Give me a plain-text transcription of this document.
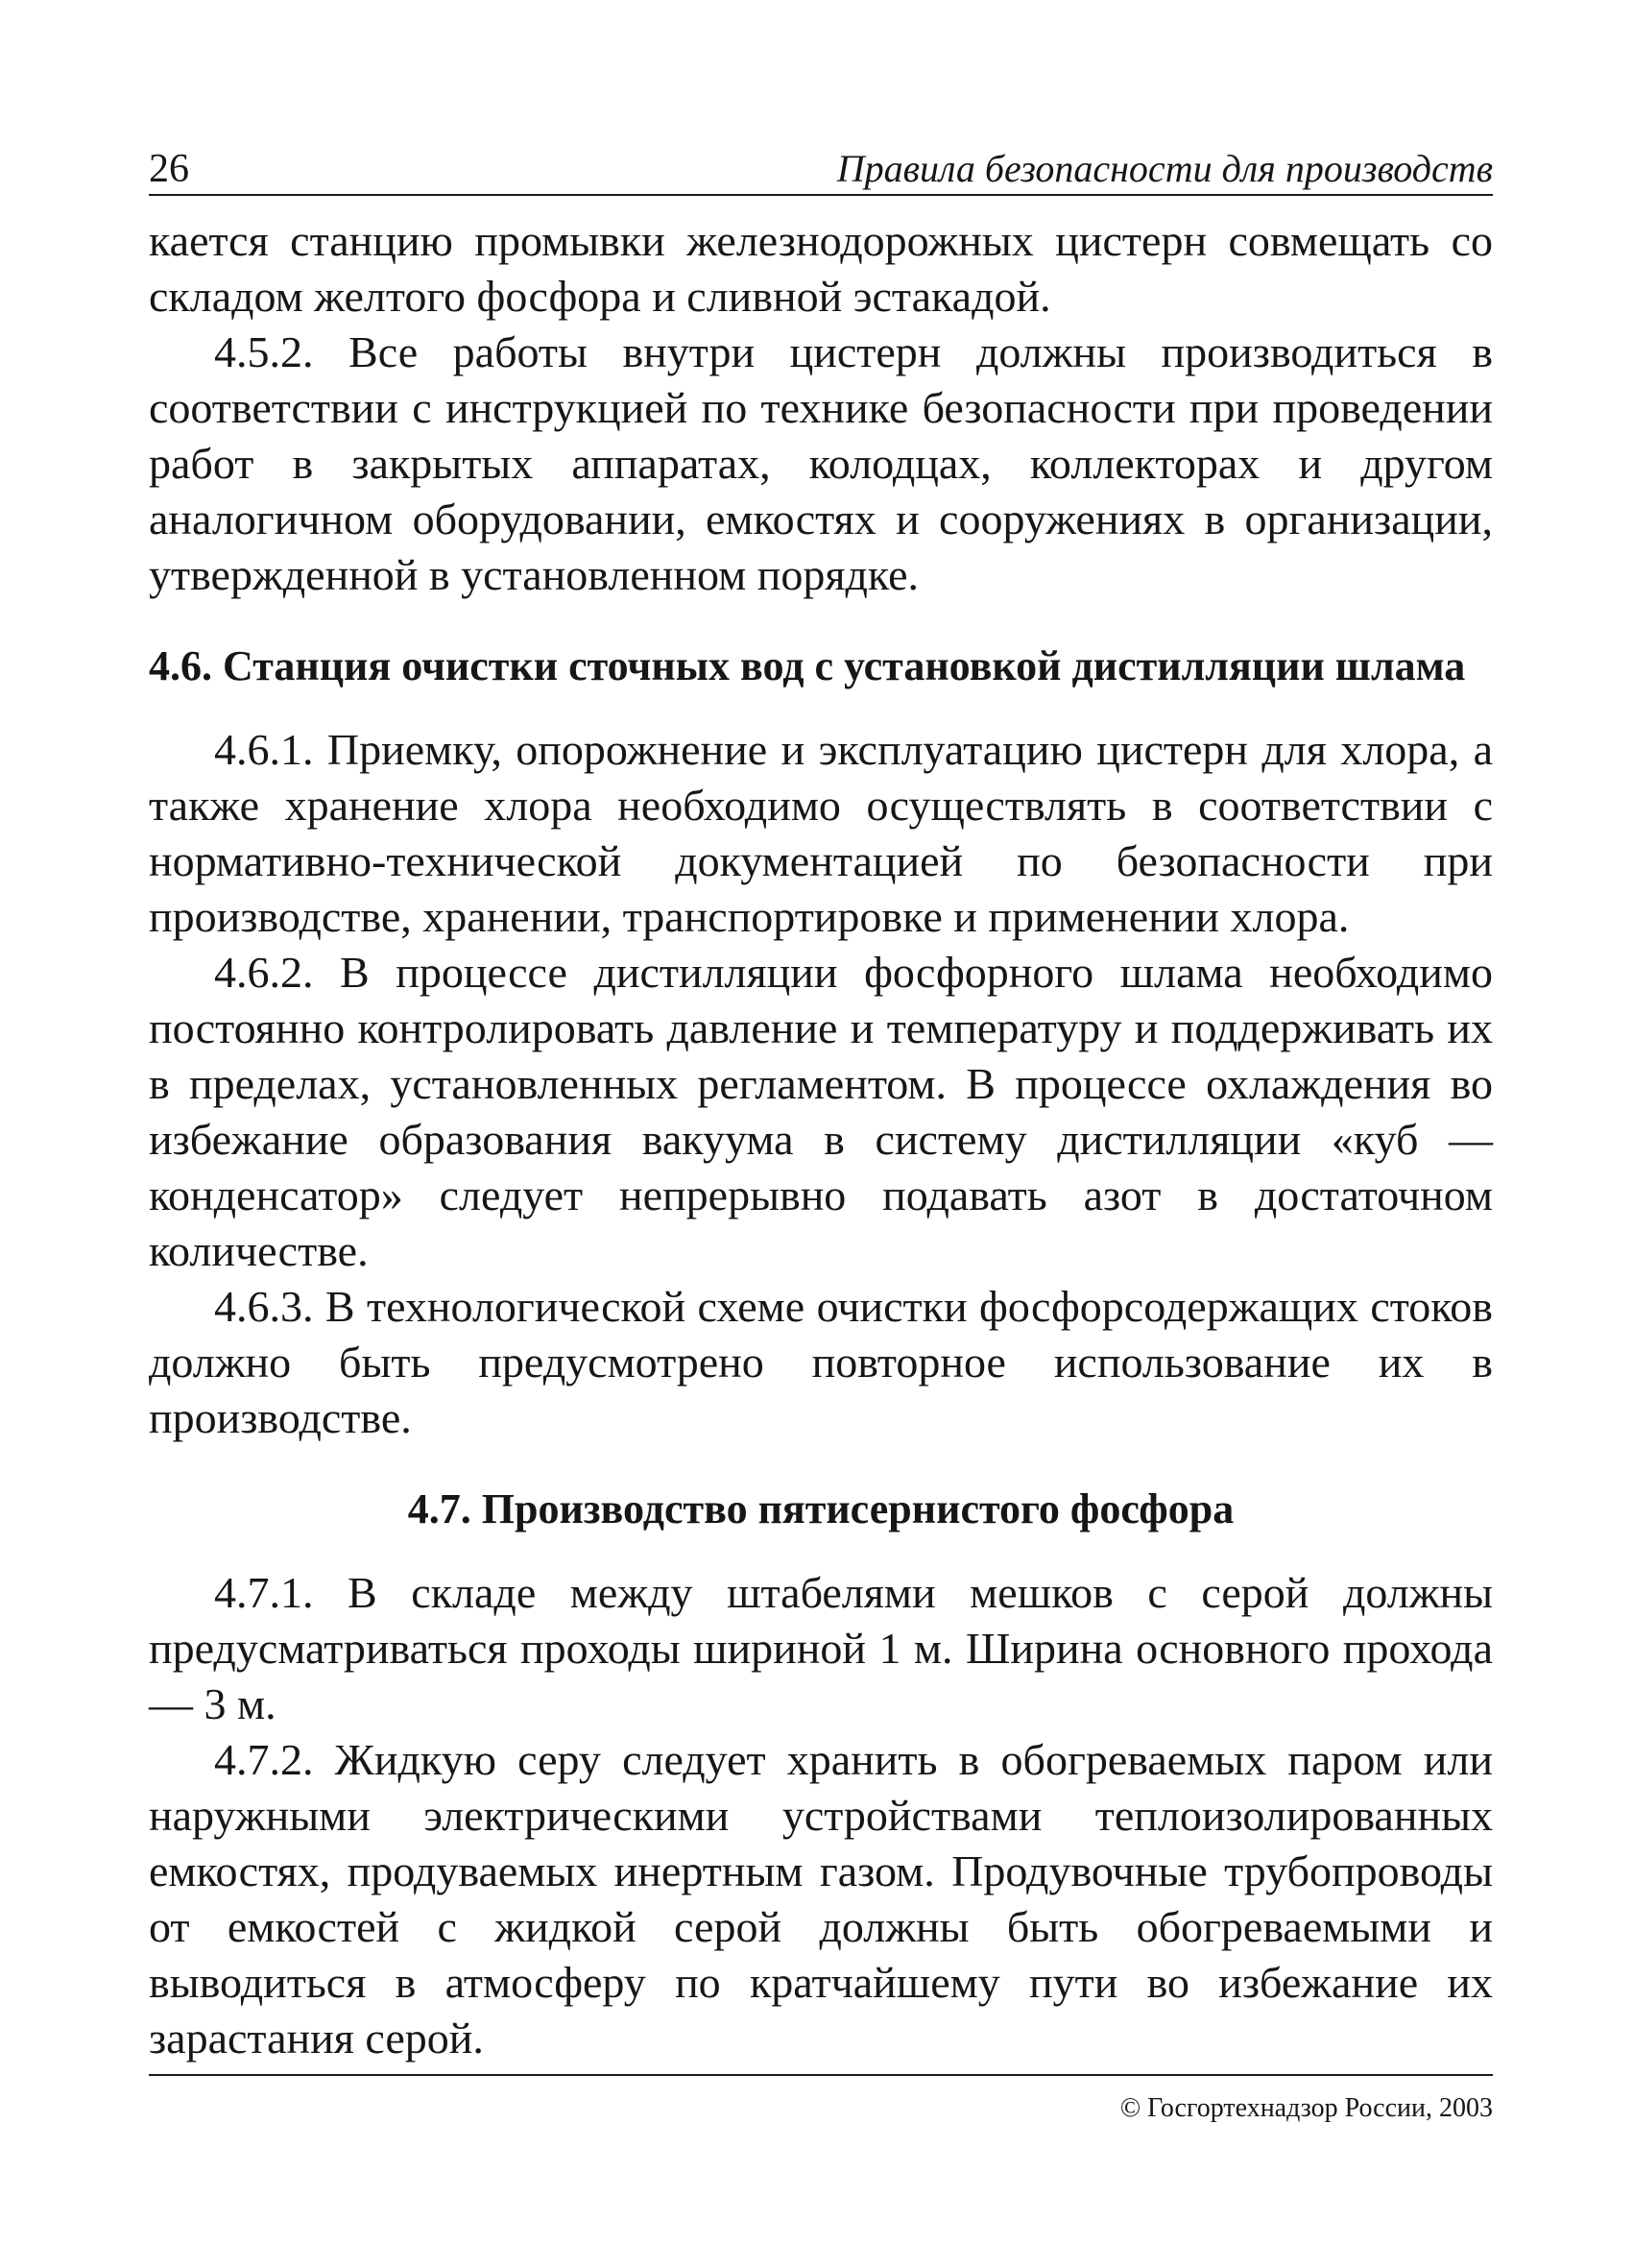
26	Правила безопасности для производств

кается станцию промывки железнодорожных цистерн совмещать со складом желтого фосфора и сливной эстакадой.

4.5.2. Все работы внутри цистерн должны производиться в соответствии с инструкцией по технике безопасности при проведении работ в закрытых аппаратах, колодцах, коллекторах и другом аналогичном оборудовании, емкостях и сооружениях в организации, утвержденной в установленном порядке.

4.6. Станция очистки сточных вод с установкой дистилляции шлама

4.6.1. Приемку, опорожнение и эксплуатацию цистерн для хлора, а также хранение хлора необходимо осуществлять в соответствии с нормативно-технической документацией по безопасности при производстве, хранении, транспортировке и применении хлора.

4.6.2. В процессе дистилляции фосфорного шлама необходимо постоянно контролировать давление и температуру и поддерживать их в пределах, установленных регламентом. В процессе охлаждения во избежание образования вакуума в систему дистилляции «куб — конденсатор» следует непрерывно подавать азот в достаточном количестве.

4.6.3. В технологической схеме очистки фосфорсодержащих стоков должно быть предусмотрено повторное использование их в производстве.

4.7. Производство пятисернистого фосфора

4.7.1. В складе между штабелями мешков с серой должны предусматриваться проходы шириной 1 м. Ширина основного прохода — 3 м.

4.7.2. Жидкую серу следует хранить в обогреваемых паром или наружными электрическими устройствами теплоизолированных емкостях, продуваемых инертным газом. Продувочные трубопроводы от емкостей с жидкой серой должны быть обогреваемыми и выводиться в атмосферу по кратчайшему пути во избежание их зарастания серой.

© Госгортехнадзор России, 2003
